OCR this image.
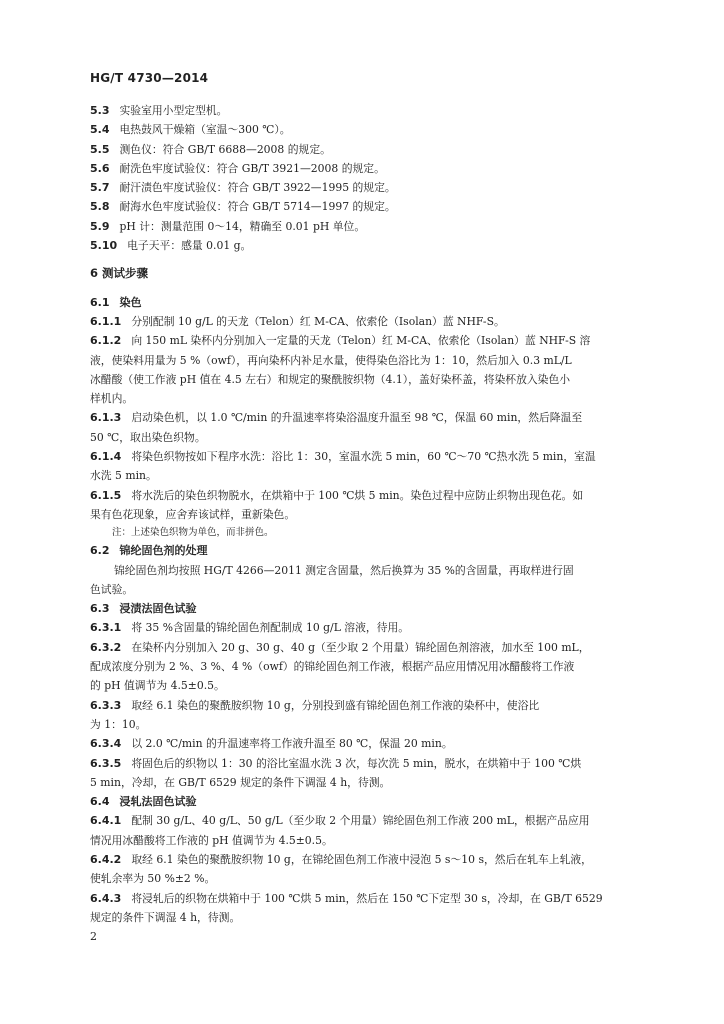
HG/T 4730—2014
5.3 实验室用小型定型机。
5.4 电热鼓风干燥箱（室温～300 ℃）。
5.5 测色仪：符合 GB/T 6688—2008 的规定。
5.6 耐洗色牢度试验仪：符合 GB/T 3921—2008 的规定。
5.7 耐汗渍色牢度试验仪：符合 GB/T 3922—1995 的规定。
5.8 耐海水色牢度试验仪：符合 GB/T 5714—1997 的规定。
5.9 pH 计：测量范围 0～14，精确至 0.01 pH 单位。
5.10 电子天平：感量 0.01 g。
6 测试步骤
6.1 染色
6.1.1 分别配制 10 g/L 的天龙（Telon）红 M-CA、依索伦（Isolan）蓝 NHF-S。
6.1.2 向 150 mL 染杯内分别加入一定量的天龙（Telon）红 M-CA、依索伦（Isolan）蓝 NHF-S 溶
液，使染料用量为 5 %（owf），再向染杯内补足水量，使得染色浴比为 1：10，然后加入 0.3 mL/L
冰醋酸（使工作液 pH 值在 4.5 左右）和规定的聚酰胺织物（4.1），盖好染杯盖，将染杯放入染色小
样机内。
6.1.3 启动染色机，以 1.0 ℃/min 的升温速率将染浴温度升温至 98 ℃，保温 60 min，然后降温至
50 ℃，取出染色织物。
6.1.4 将染色织物按如下程序水洗：浴比 1：30，室温水洗 5 min，60 ℃～70 ℃热水洗 5 min，室温
水洗 5 min。
6.1.5 将水洗后的染色织物脱水，在烘箱中于 100 ℃烘 5 min。染色过程中应防止织物出现色花。如
果有色花现象，应舍弃该试样，重新染色。
注：上述染色织物为单色，而非拼色。
6.2 锦纶固色剂的处理
锦纶固色剂均按照 HG/T 4266—2011 测定含固量，然后换算为 35 %的含固量，再取样进行固
色试验。
6.3 浸渍法固色试验
6.3.1 将 35 %含固量的锦纶固色剂配制成 10 g/L 溶液，待用。
6.3.2 在染杯内分别加入 20 g、30 g、40 g（至少取 2 个用量）锦纶固色剂溶液，加水至 100 mL，
配成浓度分别为 2 %、3 %、4 %（owf）的锦纶固色剂工作液，根据产品应用情况用冰醋酸将工作液
的 pH 值调节为 4.5±0.5。
6.3.3 取经 6.1 染色的聚酰胺织物 10 g，分别投到盛有锦纶固色剂工作液的染杯中，使浴比
为 1：10。
6.3.4 以 2.0 ℃/min 的升温速率将工作液升温至 80 ℃，保温 20 min。
6.3.5 将固色后的织物以 1：30 的浴比室温水洗 3 次，每次洗 5 min，脱水，在烘箱中于 100 ℃烘
5 min，冷却，在 GB/T 6529 规定的条件下调湿 4 h，待测。
6.4 浸轧法固色试验
6.4.1 配制 30 g/L、40 g/L、50 g/L（至少取 2 个用量）锦纶固色剂工作液 200 mL，根据产品应用
情况用冰醋酸将工作液的 pH 值调节为 4.5±0.5。
6.4.2 取经 6.1 染色的聚酰胺织物 10 g，在锦纶固色剂工作液中浸泡 5 s～10 s，然后在轧车上轧液，
使轧余率为 50 %±2 %。
6.4.3 将浸轧后的织物在烘箱中于 100 ℃烘 5 min，然后在 150 ℃下定型 30 s，冷却，在 GB/T 6529
规定的条件下调湿 4 h，待测。
2
